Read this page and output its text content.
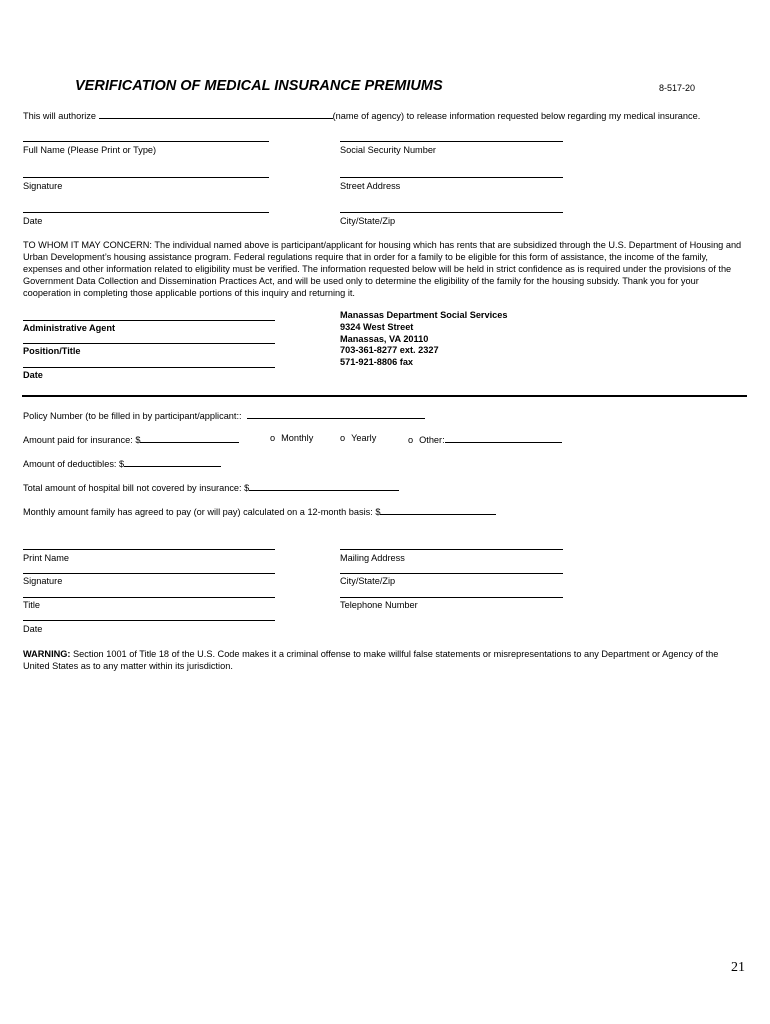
VERIFICATION OF MEDICAL INSURANCE PREMIUMS	8-517-20
This will authorize	(name of agency) to release information requested below regarding my medical insurance.
Full Name (Please Print or Type)	Social Security Number
Signature	Street Address
Date	City/State/Zip
TO WHOM IT MAY CONCERN: The individual named above is participant/applicant for housing which has rents that are subsidized through the U.S. Department of Housing and Urban Development’s housing assistance program. Federal regulations require that in order for a family to be eligible for this form of assistance, the income of the family, expenses and other information related to eligibility must be verified. The information requested below will be held in strict confidence as is required under the provisions of the Government Data Collection and Dissemination Practices Act, and will be used only to determine the eligibility of the family for the housing subsidy. Thank you for your cooperation in completing those applicable portions of this inquiry and returning it.
Administrative Agent
Position/Title
Date
Manassas Department Social Services
9324 West Street
Manassas, VA 20110
703-361-8277 ext. 2327
571-921-8806 fax
Policy Number (to be filled in by participant/applicant::
Amount paid for insurance: $	o Monthly	o Yearly	o Other:
Amount of deductibles: $
Total amount of hospital bill not covered by insurance: $
Monthly amount family has agreed to pay (or will pay) calculated on a 12-month basis: $
Print Name	Mailing Address
Signature	City/State/Zip
Title	Telephone Number
Date
WARNING: Section 1001 of Title 18 of the U.S. Code makes it a criminal offense to make willful false statements or misrepresentations to any Department or Agency of the United States as to any matter within its jurisdiction.
21
